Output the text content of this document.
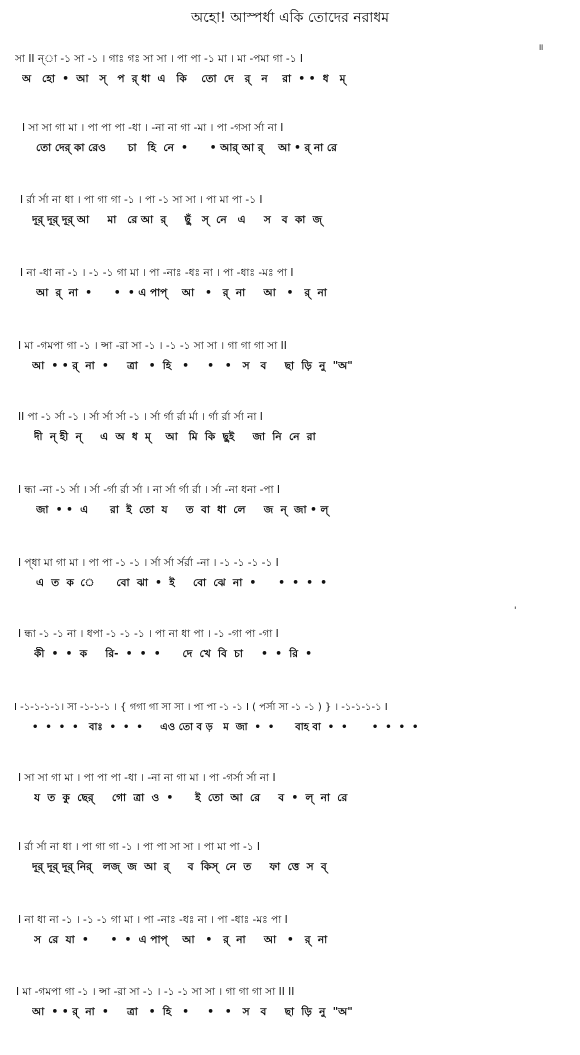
অহো! আস্পর্ধা একি তোদের নরাধম
॥
'
সা II ন্‌া -১ সা -১ । গাঃ গঃ সা সা । পা পা -১ মা । মা -পমা গা -১ I
অ   হো  •  আ   স্   প  র্‌ ধা  এ   কি    তো  দে   র্‌   ন    রা  • •  ধ   ম্‌
I সা সা গা মা । পা পা পা -ধা । -না না গা -মা । পা -গসা র্সা না I
তো দে‌‌র্‌ কা রে‌ও      চা   হি  নে  •      • আর্‌ আ র্‌    আ • র্‌ না রে
I র্রা র্সা না ধা । পা গা গা -১ । পা -১ সা সা । পা মা পা -১ I
দূর্‌ দূর্‌ দূর্‌ আ     মা   রে আ  র্‌     ছুঁ   স্‌  নে   এ     স   ব  কা  জ্‌
I না -ধা না -১ । -১ -১ গা মা । পা -নাঃ -ধঃ না । পা -ধাঃ -মঃ পা I
আ  র্‌  না  •      •  • এ পাপ্‌    আ   •   র্‌  না     আ   •   র্‌  না
I মা -গমপা গা -১ । ন্সা -রা সা -১ । -১ -১ সা সা । গা গা গা সা II
আ  • • র্‌  না  •     ত্রা   •  হি   •     •   •   স   ব     ছা  ড়ি  নু  "অ"
II পা -১ র্সা -১ । র্সা র্সা র্সা -১ । র্সা র্গা র্রা র্মা । র্গা র্রা র্সা না I
দী  ন্‌ হী  ন্‌     এ  অ  ধ  ম্‌    আ   মি  কি  ছুই     জা  নি  নে  রা
I ন্ধা -না -১ র্সা । র্সা -র্গা র্রা র্সা । না র্সা র্গা র্রা । র্সা -না ধনা -পা I
জা  • •  এ      রা  ই  তো  য     ত  বা  ধা  লে     জ  ন্‌  জা • ল্‌
I প্ধা মা গা মা । পা পা -১ -১ । র্সা র্সা র্সর্রা -না । -১ -১ -১ -১ I
এ  ত  ক  ে      বো  ঝা  •  ই     বো  ঝে  না  •      •  •  •  •
I ন্ধা -১ -১ না । ধপা -১ -১ -১ । পা না ধা পা । -১ -গা পা -গা I
কী  •  •  ক     রি-  •  •  •      দে  খে  বি  চা     •  •  রি  •
I -১-১-১-১। সা -১-১-১ । { গগা গা সা সা । পা পা -১ -১ I ( পর্সা সা -১ -১ ) } । -১-১-১-১ I
•  •  •  •   বাঃ  •  •  •     এও তো ব ড়   ম  জা  •  •      বাহ বা  •  •       •  •  •  •
I সা সা গা মা । পা পা পা -ধা । -না না গা মা । পা -গর্সা র্সা না I
য  ত  কু  ছে‌র্‌     গো  ত্রা  ও  •      ই  তো  আ  রে     ব  •  ল্‌  না  রে
I র্রা র্সা না ধা । পা গা গা -১ । পা পা সা সা । পা মা পা -১ I
দূর্‌ দূর্‌ দূর্‌ নির্‌   লজ্‌  জ  আ  র্‌     ব  কি‌স্‌  নে  ত     ফা  ত্তে  স  ব্‌
I না ধা না -১ । -১ -১ গা মা । পা -নাঃ -ধঃ না । পা -ধাঃ -মঃ পা I
স  রে  যা  •      •  •  এ পাপ্‌    আ   •   র্‌  না     আ   •   র্‌  না
I মা -গমপা গা -১ । ন্সা -রা সা -১ । -১ -১ সা সা । গা গা গা সা II II
আ  • • র্‌  না  •     ত্রা   •  হি   •     •   •   স   ব     ছা  ড়ি  নু  "অ"
